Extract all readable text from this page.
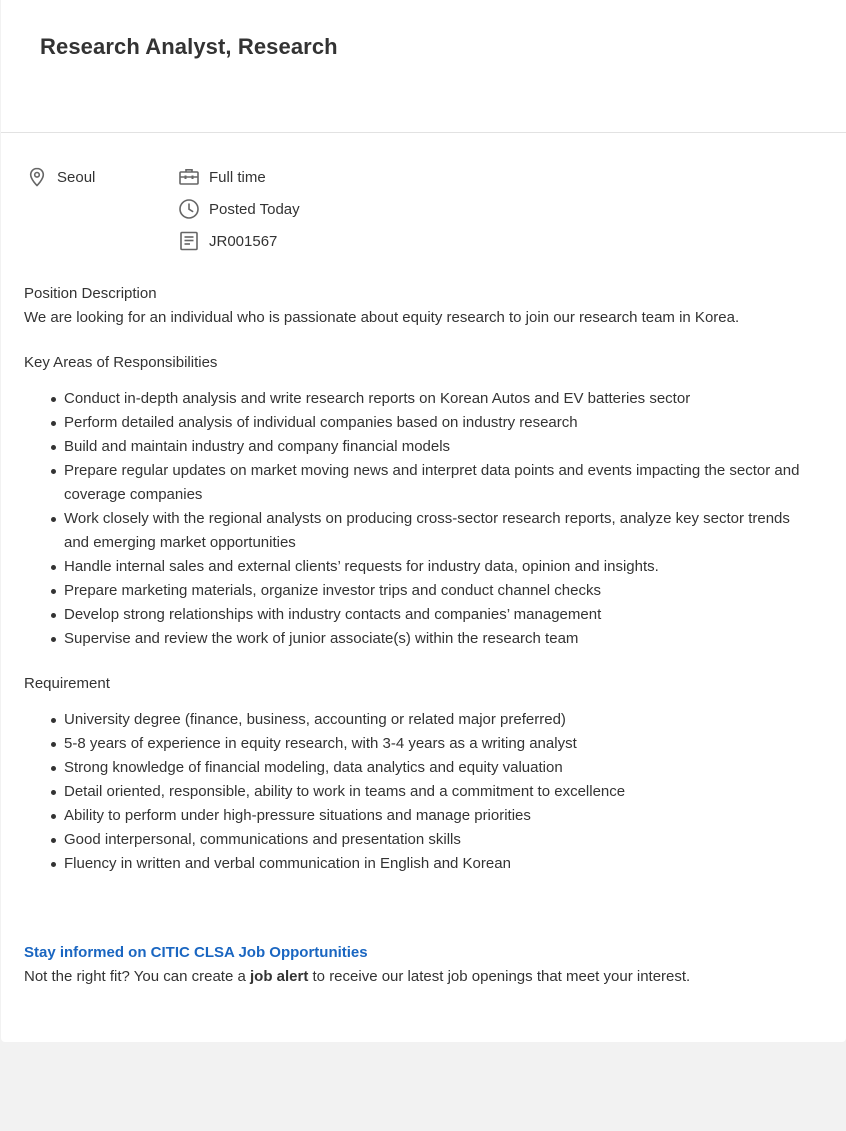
Research Analyst, Research
Seoul	Full time
Posted Today
JR001567

Position Description

We are looking for an individual who is passionate about equity research to join our research team in Korea.

Key Areas of Responsibilities

Conduct in-depth analysis and write research reports on Korean Autos and EV batteries sector
Perform detailed analysis of individual companies based on industry research
Build and maintain industry and company financial models
Prepare regular updates on market moving news and interpret data points and events impacting the sector and coverage companies
Work closely with the regional analysts on producing cross-sector research reports, analyze key sector trends and emerging market opportunities
Handle internal sales and external clients’ requests for industry data, opinion and insights.
Prepare marketing materials, organize investor trips and conduct channel checks
Develop strong relationships with industry contacts and companies’ management
Supervise and review the work of junior associate(s) within the research team

Requirement

University degree (finance, business, accounting or related major preferred)
5-8 years of experience in equity research, with 3-4 years as a writing analyst
Strong knowledge of financial modeling, data analytics and equity valuation
Detail oriented, responsible, ability to work in teams and a commitment to excellence
Ability to perform under high-pressure situations and manage priorities
Good interpersonal, communications and presentation skills
Fluency in written and verbal communication in English and Korean
Stay informed on CITIC CLSA Job Opportunities

Not the right fit? You can create a job alert to receive our latest job openings that meet your interest.
